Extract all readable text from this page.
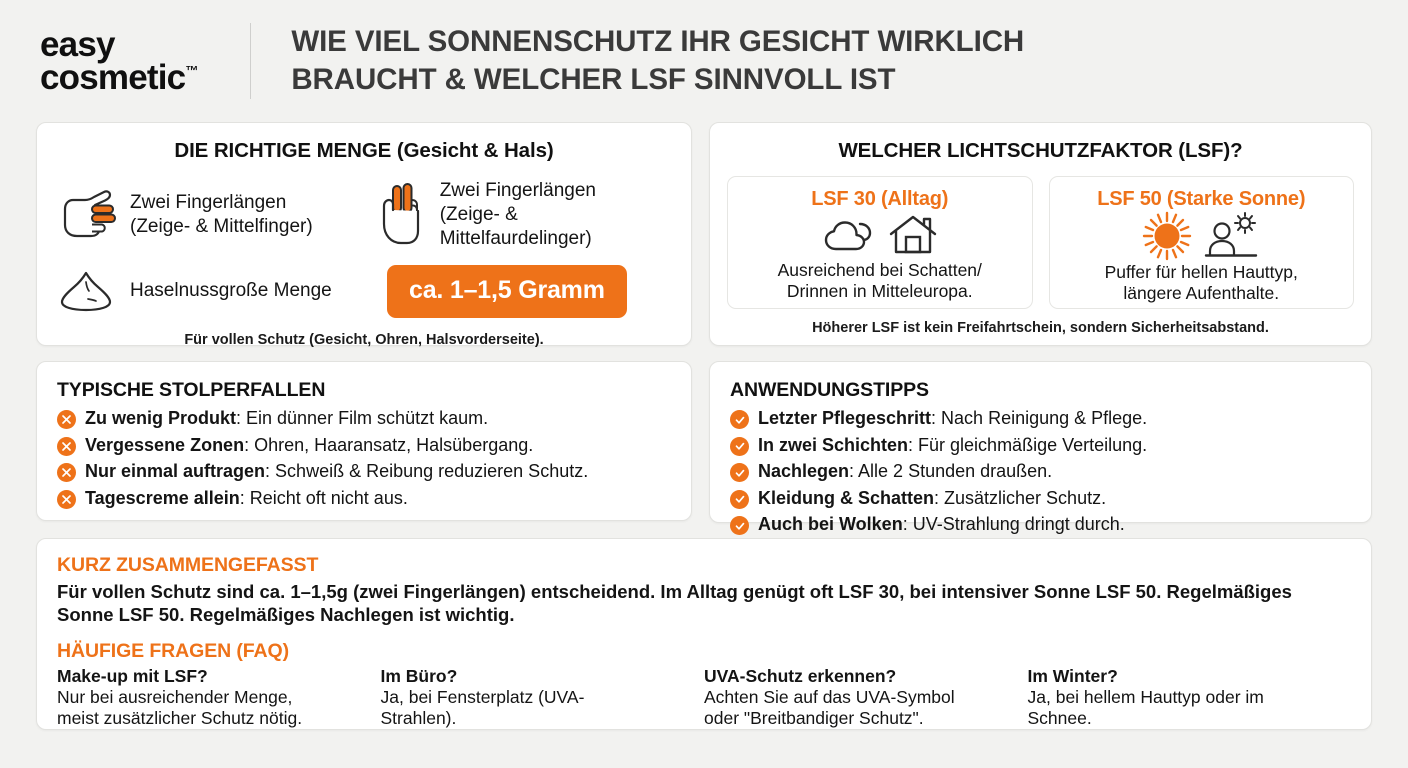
easy
cosmetic™
WIE VIEL SONNENSCHUTZ IHR GESICHT WIRKLICH
BRAUCHT & WELCHER LSF SINNVOLL IST
DIE RICHTIGE MENGE (Gesicht & Hals)
Zwei Fingerlängen
(Zeige- & Mittelfinger)
Zwei Fingerlängen
(Zeige- & Mittelfaurdelinger)
Haselnussgroße Menge	ca. 1–1,5 Gramm
Für vollen Schutz (Gesicht, Ohren, Halsvorderseite).
WELCHER LICHTSCHUTZFAKTOR (LSF)?
LSF 30 (Alltag)
Ausreichend bei Schatten/
Drinnen in Mitteleuropa.
LSF 50 (Starke Sonne)
Puffer für hellen Hauttyp,
längere Aufenthalte.
Höherer LSF ist kein Freifahrtschein, sondern Sicherheitsabstand.
TYPISCHE STOLPERFALLEN
Zu wenig Produkt: Ein dünner Film schützt kaum.
Vergessene Zonen: Ohren, Haaransatz, Halsübergang.
Nur einmal auftragen: Schweiß & Reibung reduzieren Schutz.
Tagescreme allein: Reicht oft nicht aus.
ANWENDUNGSTIPPS
Letzter Pflegeschritt: Nach Reinigung & Pflege.
In zwei Schichten: Für gleichmäßige Verteilung.
Nachlegen: Alle 2 Stunden draußen.
Kleidung & Schatten: Zusätzlicher Schutz.
Auch bei Wolken: UV-Strahlung dringt durch.
KURZ ZUSAMMENGEFASST
Für vollen Schutz sind ca. 1–1,5g (zwei Fingerlängen) entscheidend. Im Alltag genügt oft LSF 30, bei intensiver Sonne LSF 50. Regelmäßiges
Sonne LSF 50. Regelmäßiges Nachlegen ist wichtig.
HÄUFIGE FRAGEN (FAQ)
Make-up mit LSF?
Nur bei ausreichender Menge,
meist zusätzlicher Schutz nötig.
Im Büro?
Ja, bei Fensterplatz (UVA-
Strahlen).
UVA-Schutz erkennen?
Achten Sie auf das UVA-Symbol
oder "Breitbandiger Schutz".
Im Winter?
Ja, bei hellem Hauttyp oder im
Schnee.
